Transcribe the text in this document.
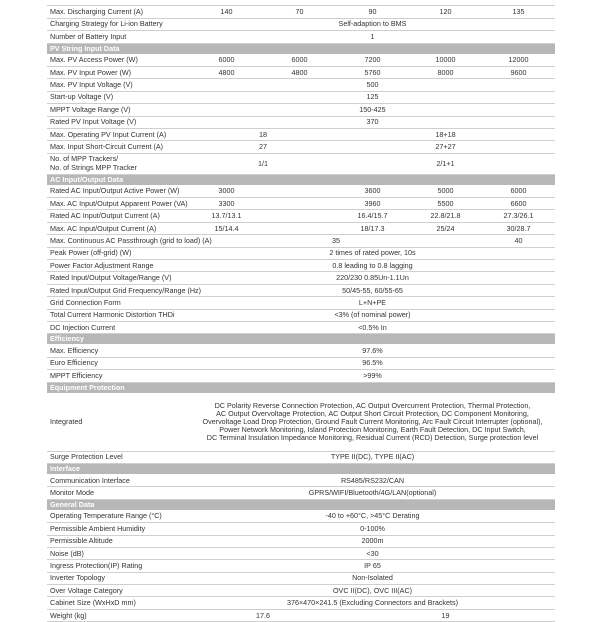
Max. Discharging Current (A)	140	70	90	120	135
Charging Strategy for Li-ion Battery	Self-adaption to BMS				
Number of Battery Input	1				
PV String Input Data					
Max. PV Access Power (W)	6000	6000	7200	10000	12000
Max. PV Input Power (W)	4800	4800	5760	8000	9600
Max. PV Input Voltage (V)	500				
Start-up Voltage (V)	125				
MPPT Voltage Range (V)	150-425				
Rated PV Input Voltage (V)	370				
Max. Operating PV Input Current (A)	18		18+18		
Max. Input Short-Circuit Current (A)	27		27+27		

No. of MPP Trackers/
No. of Strings MPP Tracker	1/1		2/1+1		
AC Input/Output Data					
Rated AC Input/Output Active Power (W)	3000		3600	5000	6000
Max. AC Input/Output Apparent Power (VA)	3300		3960	5500	6600
Rated AC Input/Output Current (A)	13.7/13.1		16.4/15.7	22.8/21.8	27.3/26.1
Max. AC Input/Output Current (A)	15/14.4		18/17.3	25/24	30/28.7
Max. Continuous AC Passthrough (grid to load) (A)	35				40
Peak Power (off-grid) (W)	2 times of rated power, 10s				
Power Factor Adjustment Range	0.8 leading to 0.8 lagging				
Rated Input/Output Voltage/Range (V)	220/230 0.85Un-1.1Un				
Rated Input/Output Grid Frequency/Range (Hz)	50/45-55, 60/55-65				
Grid Connection Form	L+N+PE				
Total Current Harmonic Distortion THDi	<3% (of nominal power)				
DC Injection Current	<0.5% In				
Efficiency					
Max. Efficiency	97.6%				
Euro Efficiency	96.5%				
MPPT Efficiency	>99%				
Equipment Protection					
Integrated	DC Polarity Reverse Connection Protection, AC Output Overcurrent Protection, Thermal Protection,
AC Output Overvoltage Protection, AC Output Short Circuit Protection, DC Component Monitoring,
Overvoltage Load Drop Protection, Ground Fault Current Monitoring, Arc Fault Circuit Interrupter (optional),
Power Network Monitoring, Island Protection Monitoring, Earth Fault Detection, DC Input Switch,
DC Terminal Insulation Impedance Monitoring, Residual Current (RCD) Detection, Surge protection level				

Surge Protection Level	TYPE II(DC), TYPE II(AC)				
Interface					
Communication Interface	RS485/RS232/CAN				
Monitor Mode	GPRS/WIFI/Bluetooth/4G/LAN(optional)				
General Data					
Operating Temperature Range (°C)	-40 to +60°C, >45°C Derating				
Permissible Ambient Humidity	0-100%				
Permissible Altitude	2000m				
Noise (dB)	<30				
Ingress Protection(IP) Rating	IP 65				
Inverter Topology	Non-Isolated				
Over Voltage Category	OVC II(DC), OVC III(AC)				
Cabinet Size (WxHxD mm)	376×470×241.5 (Excluding Connectors and Brackets)				
Weight (kg)	17.6		19		
